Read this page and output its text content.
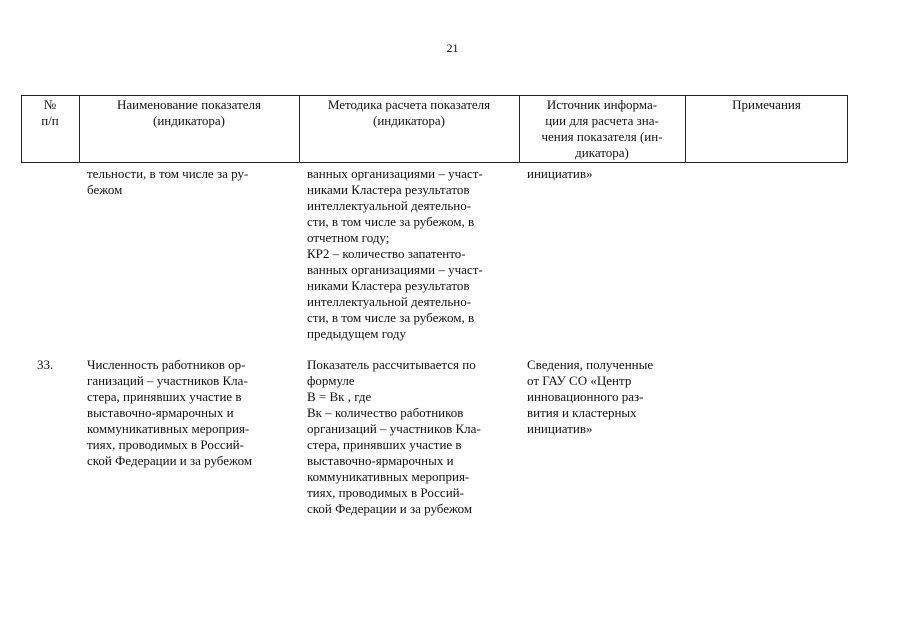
21
№
п/п
Наименование показателя
(индикатора)
Методика расчета показателя
(индикатора)
Источник информа-
ции для расчета зна-
чения показателя (ин-
дикатора)
Примечания
тельности, в том числе за ру-
бежом
ванных организациями – участ-
никами Кластера результатов
интеллектуальной деятельно-
сти, в том числе за рубежом, в
отчетном году;
КР2 – количество запатенто-
ванных организациями – участ-
никами Кластера результатов
интеллектуальной деятельно-
сти, в том числе за рубежом, в
предыдущем году
инициатив»
33.	Численность работников ор-
ганизаций – участников Кла-
стера, принявших участие в
выставочно-ярмарочных и
коммуникативных мероприя-
тиях, проводимых в Россий-
ской Федерации и за рубежом
Показатель рассчитывается по
формуле
В = Вк , где
Вк – количество работников
организаций – участников Кла-
стера, принявших участие в
выставочно-ярмарочных и
коммуникативных мероприя-
тиях, проводимых в Россий-
ской Федерации и за рубежом
Сведения, полученные
от ГАУ СО «Центр
инновационного раз-
вития и кластерных
инициатив»
